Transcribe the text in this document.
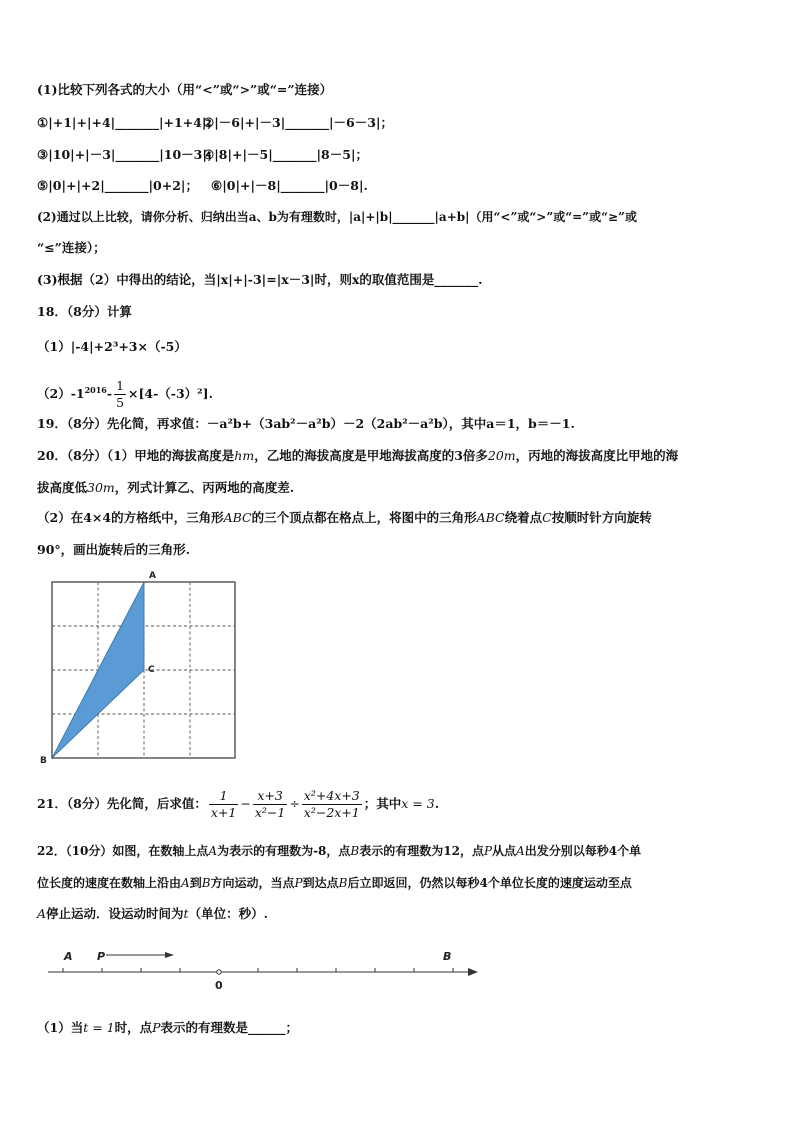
(1)比较下列各式的大小（用“<”或“>”或“=”连接）
①|+1|+|+4|_______|+1+4|；
②|－6|+|－3|_______|－6－3|；
③|10|+|－3|_______|10－3|；
④|8|+|－5|_______|8－5|；
⑤|0|+|+2|_______|0+2|； ⑥|0|+|－8|_______|0－8|.
(2)通过以上比较，请你分析、归纳出当a、b为有理数时，|a|+|b|_______|a+b|（用“<”或“>”或“=”或“≥”或
“≤”连接）；
(3)根据（2）中得出的结论，当|x|+|-3|=|x－3|时，则x的取值范围是_______.
18．（8分）计算
（1）|-4|+2³+3×（-5）
$(2)-1^{2016}- \frac{1}{5} \times[4-(-3)^2]$.
19．（8分）先化简，再求值：－a²b+（3ab²－a²b）－2（2ab²－a²b），其中a＝1，b＝－1.
20．（8分）（1）甲地的海拔高度是hm，乙地的海拔高度是甲地海拔高度的3倍多20m，丙地的海拔高度比甲地的海
拔高度低30m，列式计算乙、丙两地的高度差.
（2）在4×4的方格纸中，三角形ABC的三个顶点都在格点上，将图中的三角形ABC绕着点C按顺时针方向旋转
90°，画出旋转后的三角形.
A
B
C
21．（8分）先化简，后求值： $\frac{1}{x+1} - \frac{x+3}{\text{x²−1}} \div \frac{\text{x²+4x+3}}{\text{x²−2x+1}}$ ；其中x = 3.
22．（10分）如图，在数轴上点A为表示的有理数为-8，点B表示的有理数为12，点P从点A出发分别以每秒4个单
位长度的速度在数轴上沿由A到B方向运动，当点P到达点B后立即返回，仍然以每秒4个单位长度的速度运动至点
A停止运动．设运动时间为t（单位：秒）.
A P	B
0
（1）当t = 1时，点P表示的有理数是______；
